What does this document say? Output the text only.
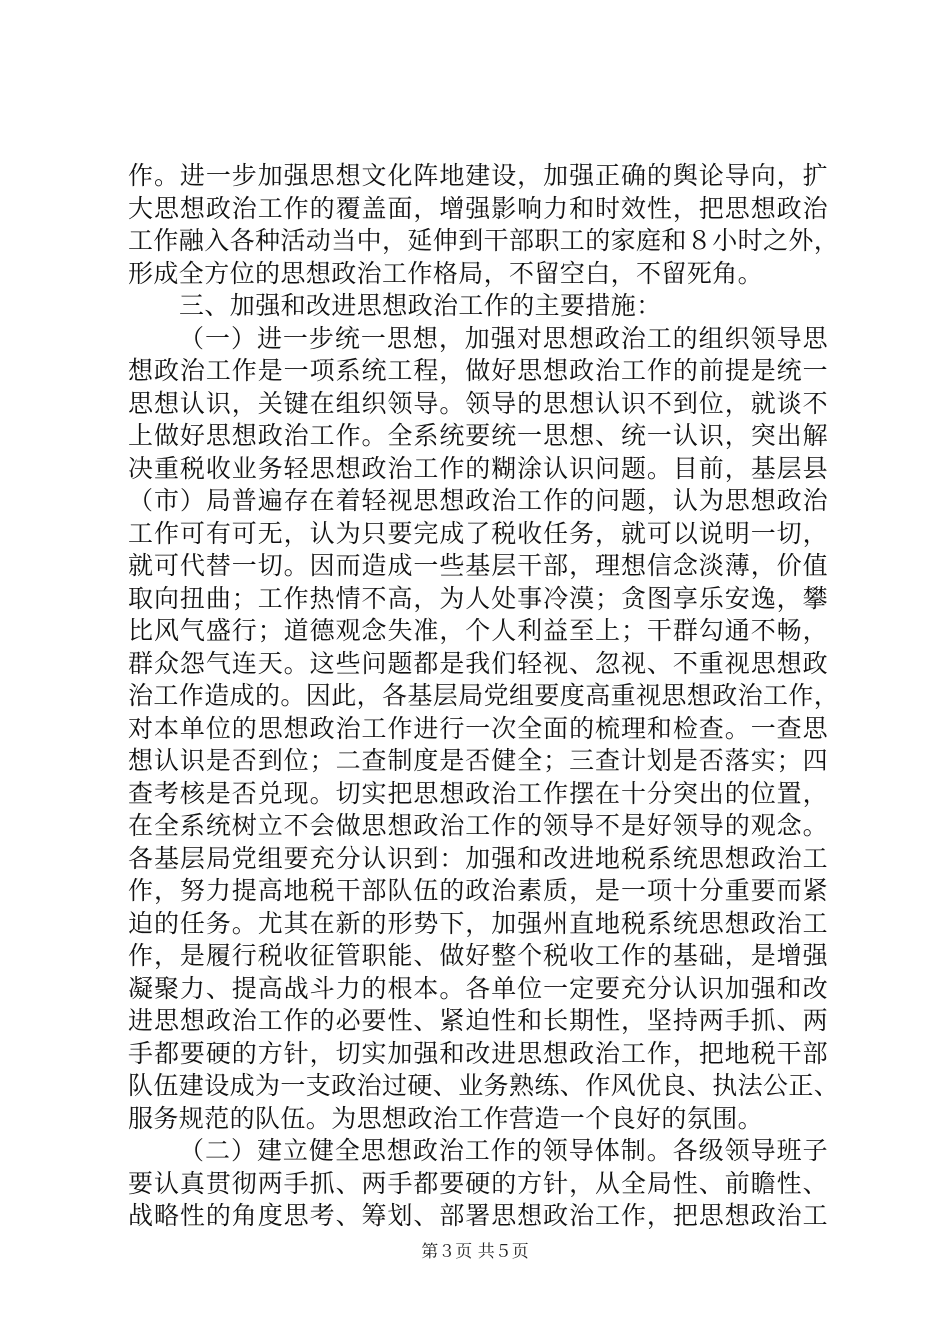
作。进一步加强思想文化阵地建设，加强正确的舆论导向，扩
大思想政治工作的覆盖面，增强影响力和时效性，把思想政治
工作融入各种活动当中，延伸到干部职工的家庭和８小时之外，
形成全方位的思想政治工作格局，不留空白，不留死角。
三、加强和改进思想政治工作的主要措施：
（一）进一步统一思想，加强对思想政治工的组织领导思
想政治工作是一项系统工程，做好思想政治工作的前提是统一
思想认识，关键在组织领导。领导的思想认识不到位，就谈不
上做好思想政治工作。全系统要统一思想、统一认识，突出解
决重税收业务轻思想政治工作的糊涂认识问题。目前，基层县
（市）局普遍存在着轻视思想政治工作的问题，认为思想政治
工作可有可无，认为只要完成了税收任务，就可以说明一切，
就可代替一切。因而造成一些基层干部，理想信念淡薄，价值
取向扭曲；工作热情不高，为人处事冷漠；贪图享乐安逸，攀
比风气盛行；道德观念失准，个人利益至上；干群勾通不畅，
群众怨气连天。这些问题都是我们轻视、忽视、不重视思想政
治工作造成的。因此，各基层局党组要度高重视思想政治工作，
对本单位的思想政治工作进行一次全面的梳理和检查。一查思
想认识是否到位；二查制度是否健全；三查计划是否落实；四
查考核是否兑现。切实把思想政治工作摆在十分突出的位置，
在全系统树立不会做思想政治工作的领导不是好领导的观念。
各基层局党组要充分认识到：加强和改进地税系统思想政治工
作，努力提高地税干部队伍的政治素质，是一项十分重要而紧
迫的任务。尤其在新的形势下，加强州直地税系统思想政治工
作，是履行税收征管职能、做好整个税收工作的基础，是增强
凝聚力、提高战斗力的根本。各单位一定要充分认识加强和改
进思想政治工作的必要性、紧迫性和长期性，坚持两手抓、两
手都要硬的方针，切实加强和改进思想政治工作，把地税干部
队伍建设成为一支政治过硬、业务熟练、作风优良、执法公正、
服务规范的队伍。为思想政治工作营造一个良好的氛围。
（二）建立健全思想政治工作的领导体制。各级领导班子
要认真贯彻两手抓、两手都要硬的方针，从全局性、前瞻性、
战略性的角度思考、筹划、部署思想政治工作，把思想政治工
第３页 共５页
